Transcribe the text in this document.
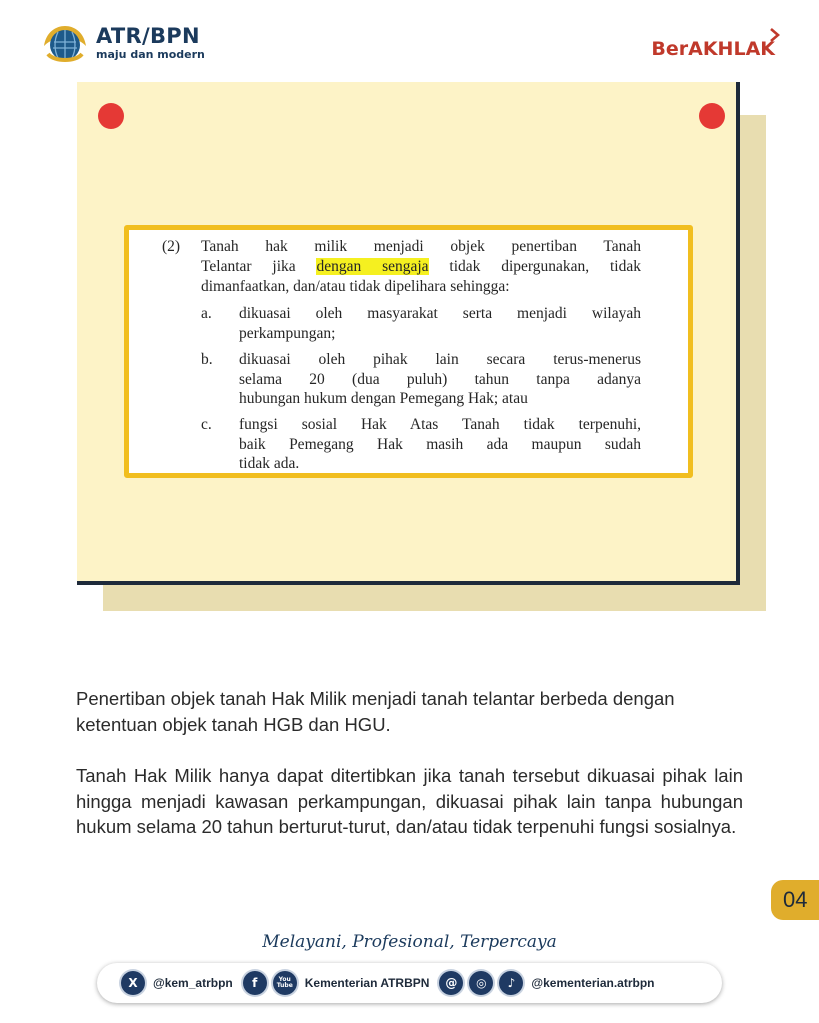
ATR/BPN
maju dan modern	BerAKHLAK
(2) Tanah hak milik menjadi objek penertiban Tanah
Telantar jika dengan sengaja tidak dipergunakan, tidak
dimanfaatkan, dan/atau tidak dipelihara sehingga:
a. dikuasai oleh masyarakat serta menjadi wilayah
perkampungan;
b. dikuasai oleh pihak lain secara terus-menerus
selama 20 (dua puluh) tahun tanpa adanya
hubungan hukum dengan Pemegang Hak; atau
c. fungsi sosial Hak Atas Tanah tidak terpenuhi,
baik Pemegang Hak masih ada maupun sudah
tidak ada.
Penertiban objek tanah Hak Milik menjadi tanah telantar berbeda dengan ketentuan objek tanah HGB dan HGU.
Tanah Hak Milik hanya dapat ditertibkan jika tanah tersebut dikuasai pihak lain hingga menjadi kawasan perkampungan, dikuasai pihak lain tanpa hubungan hukum selama 20 tahun berturut-turut, dan/atau tidak terpenuhi fungsi sosialnya.
04
Melayani, Profesional, Terpercaya
X	@kem_atrbpn	f	You Tube Kementerian ATRBPN	@	◎	♪	@kementerian.atrbpn
